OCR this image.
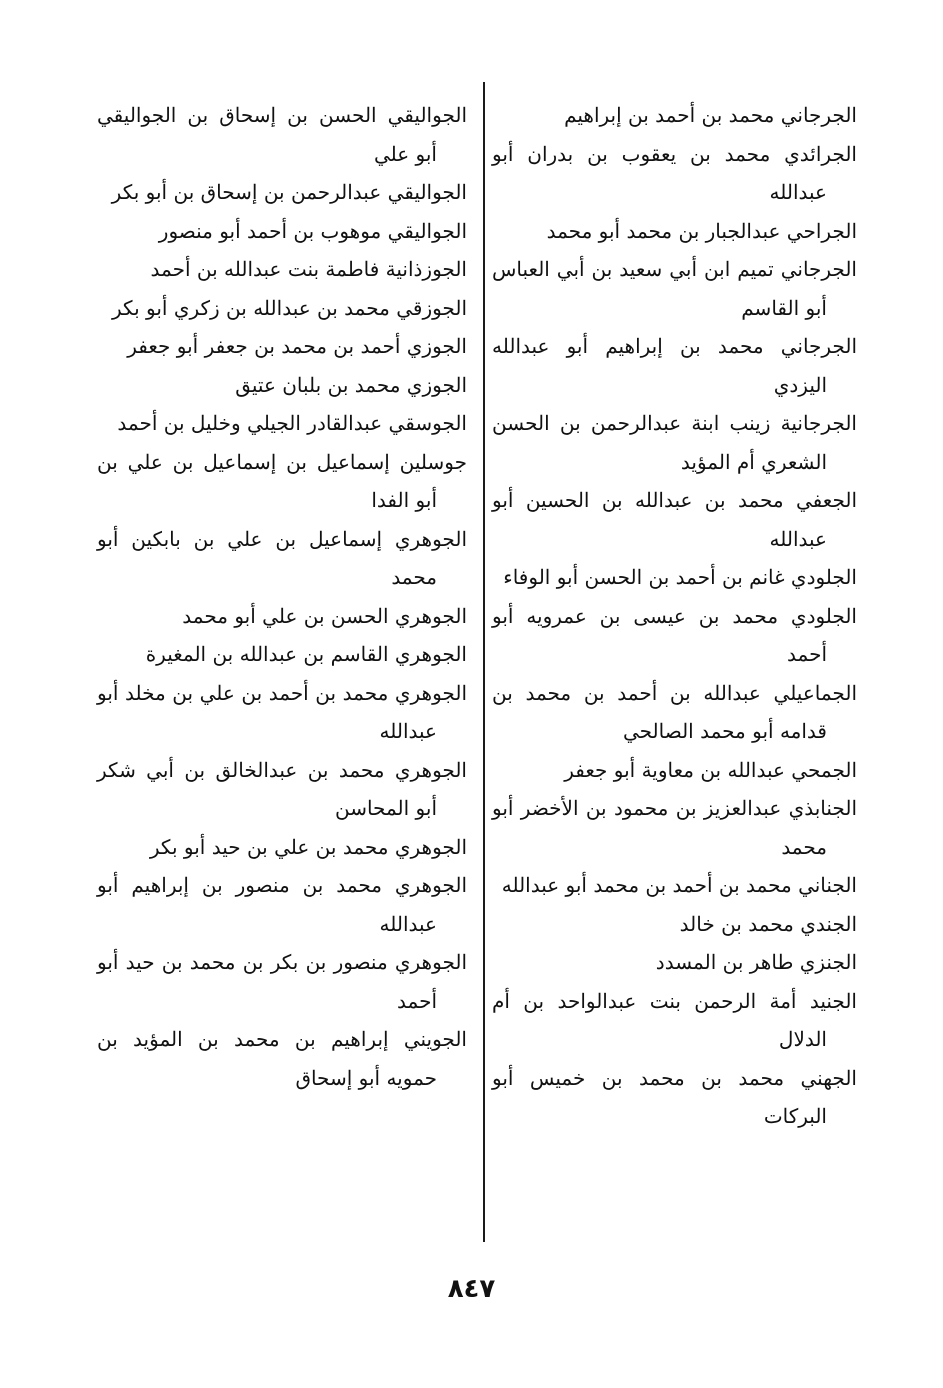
الجرجاني محمد بن أحمد بن إبراهيم

الجرائدي محمد بن يعقوب بن بدران أبو عبدالله

الجراحي عبدالجبار بن محمد أبو محمد

الجرجاني تميم ابن أبي سعيد بن أبي العباس أبو القاسم

الجرجاني محمد بن إبراهيم أبو عبدالله اليزدي

الجرجانية زينب ابنة عبدالرحمن بن الحسن الشعري أم المؤيد

الجعفي محمد بن عبدالله بن الحسين أبو عبدالله

الجلودي غانم بن أحمد بن الحسن أبو الوفاء

الجلودي محمد بن عيسى بن عمرويه أبو أحمد

الجماعيلي عبدالله بن أحمد بن محمد بن قدامه أبو محمد الصالحي

الجمحي عبدالله بن معاوية أبو جعفر

الجنابذي عبدالعزيز بن محمود بن الأخضر أبو محمد

الجناني محمد بن أحمد بن محمد أبو عبدالله

الجندي محمد بن خالد

الجنزي طاهر بن المسدد

الجنيد أمة الرحمن بنت عبدالواحد بن أم الدلال

الجهني محمد بن محمد بن خميس أبو البركات

الجواليقي الحسن بن إسحاق بن الجواليقي أبو علي

الجواليقي عبدالرحمن بن إسحاق بن أبو بكر

الجواليقي موهوب بن أحمد أبو منصور

الجوزذانية فاطمة بنت عبدالله بن أحمد

الجوزقي محمد بن عبدالله بن زكري أبو بكر

الجوزي أحمد بن محمد بن جعفر أبو جعفر

الجوزي محمد بن بلبان عتيق

الجوسقي عبدالقادر الجيلي وخليل بن أحمد

جوسلين إسماعيل بن إسماعيل بن علي بن أبو الفدا

الجوهري إسماعيل بن علي بن بابكين أبو محمد

الجوهري الحسن بن علي أبو محمد

الجوهري القاسم بن عبدالله بن المغيرة

الجوهري محمد بن أحمد بن علي بن مخلد أبو عبدالله

الجوهري محمد بن عبدالخالق بن أبي شكر أبو المحاسن

الجوهري محمد بن علي بن حيد أبو بكر

الجوهري محمد بن منصور بن إبراهيم أبو عبدالله

الجوهري منصور بن بكر بن محمد بن حيد أبو أحمد

الجويني إبراهيم بن محمد بن المؤيد بن حمويه أبو إسحاق

٨٤٧
